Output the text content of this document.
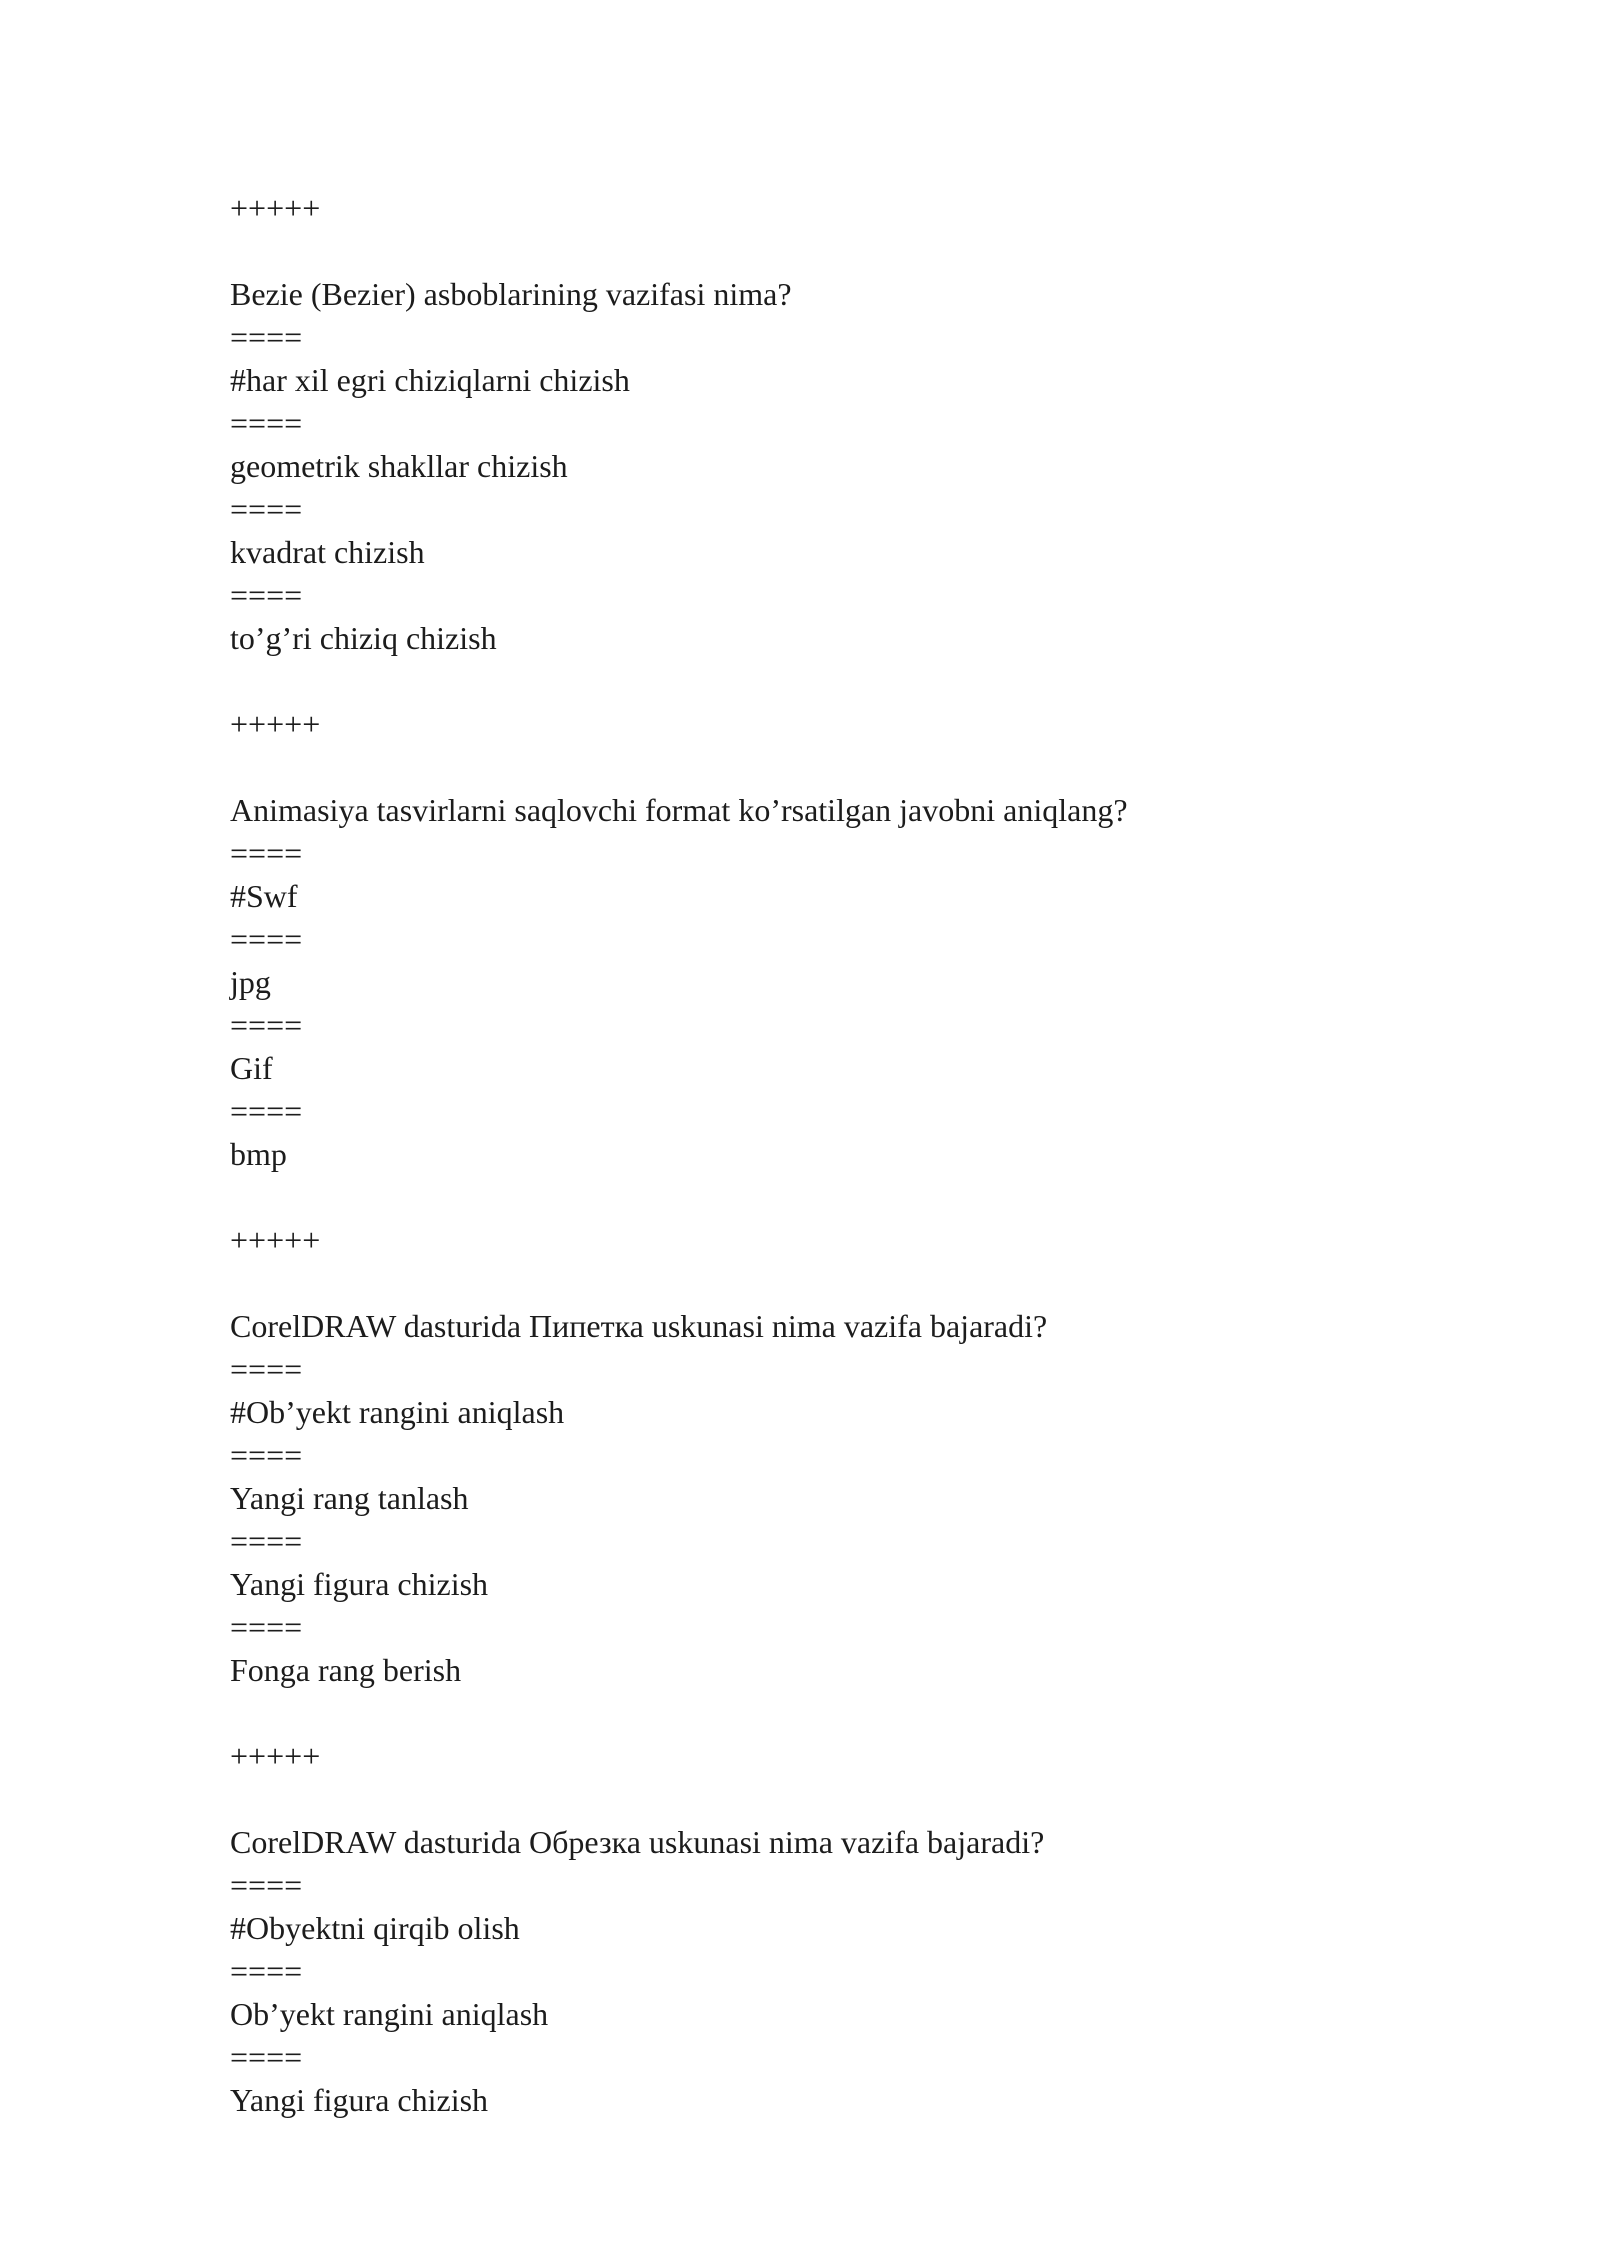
+++++
Bezie (Bezier) asboblarining vazifasi nima?
====
#har xil egri chiziqlarni chizish
====
geometrik shakllar chizish
====
kvadrat chizish
====
to’g’ri chiziq chizish
+++++
Animasiya tasvirlarni saqlovchi format ko’rsatilgan javobni aniqlang?
====
#Swf
====
jpg
====
Gif
====
bmp
+++++
CorelDRAW dasturida Пипетка uskunasi nima vazifa bajaradi?
====
#Ob’yekt rangini aniqlash
====
Yangi rang tanlash
====
Yangi figura chizish
====
Fonga rang berish
+++++
CorelDRAW dasturida Обрезка uskunasi nima vazifa bajaradi?
====
#Obyektni qirqib olish
====
Ob’yekt rangini aniqlash
====
Yangi figura chizish
